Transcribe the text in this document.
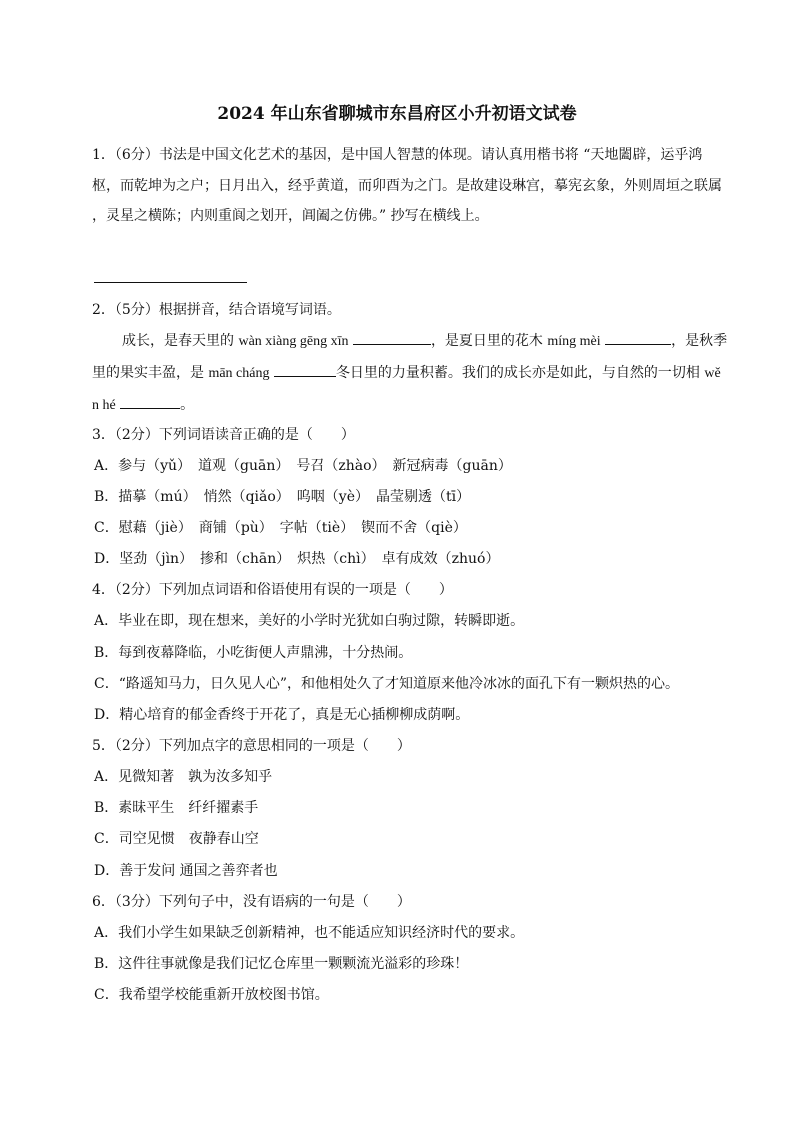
2024 年山东省聊城市东昌府区小升初语文试卷
1．（6分）书法是中国文化艺术的基因，是中国人智慧的体现。请认真用楷书将 “天地闔辟，运乎鸿
枢，而乾坤为之户；日月出入，经乎黄道，而卯酉为之门。是故建设琳宫，摹宪玄象，外则周垣之联属
，灵星之横陈；内则重阆之划开，阊阖之仿佛。” 抄写在横线上。
2．（5分）根据拼音，结合语境写词语。
成长，是春天里的 wàn xiàng gēng xīn	，是夏日里的花木 míng mèi	，是秋季
里的果实丰盈，是 mān cháng	冬日里的力量积蓄。我们的成长亦是如此，与自然的一切相 wě
n hé	。
3．（2分）下列词语读音正确的是（　　）
A．参与（yǔ）　道观（guān）　号召（zhào）　新冠病毒（guān）
B．描摹（mú）　悄然（qiǎo）　呜咽（yè）　晶莹剔透（tī）
C．慰藉（jiè）　商铺（pù）　字帖（tiè）　锲而不舍（qiè）
D．坚劲（jìn）　掺和（chān）　炽热（chì）　卓有成效（zhuó）
4．（2分）下列加点词语和俗语使用有误的一项是（　　）
A．毕业在即，现在想来，美好的小学时光犹如白驹过隙，转瞬即逝。
B．每到夜幕降临，小吃街便人声鼎沸，十分热闹。
C．“路遥知马力，日久见人心”，和他相处久了才知道原来他冷冰冰的面孔下有一颗炽热的心。
D．精心培育的郁金香终于开花了，真是无心插柳柳成荫啊。
5．（2分）下列加点字的意思相同的一项是（　　）
A．见微知著　孰为汝多知乎
B．素昧平生　纤纤擢素手
C．司空见惯　夜静春山空
D．善于发问 通国之善弈者也
6．（3分）下列句子中，没有语病的一句是（　　）
A．我们小学生如果缺乏创新精神，也不能适应知识经济时代的要求。
B．这件往事就像是我们记忆仓库里一颗颗流光溢彩的珍珠！
C．我希望学校能重新开放校图书馆。
